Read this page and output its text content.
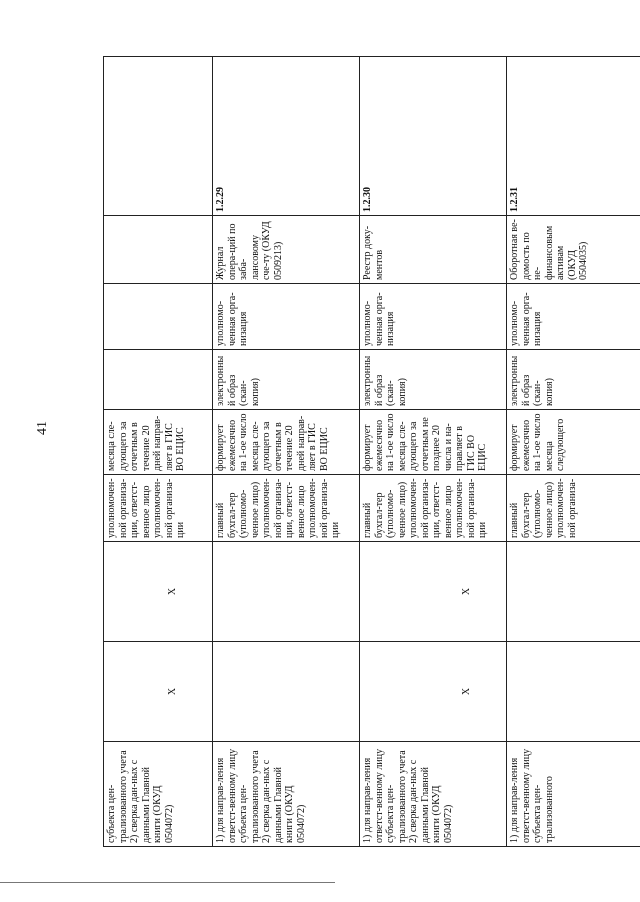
41
субъекта цен-трализованного учета 2) сверка дан-ных с данными Главной книги (ОКУД 0504072)			уполномочен-ной организа-ции, ответст-венное лицо уполномочен-ной организа-ции	месяца сле-дующего за отчетным в течение 20 дней направ-ляет в ГИС ВО ЕЦИС				
1) для направ-ления ответст-венному лицу субъекта цен-трализованного учета 2) сверка дан-ных с данными Главной книги (ОКУД 0504072)	X	X	главный бухгал-тер (уполномо-ченное лицо) уполномочен-ной организа-ции, ответст-венное лицо уполномочен-ной организа-ции	формирует ежемесячно на 1-ое число месяца сле-дующего за отчетным в течение 20 дней направ-ляет в ГИС ВО ЕЦИС	электронный образ (скан-копия)	уполномо-ченная орга-низация	Журнал опера-ций по заба-лансовому сче-ту (ОКУД 0509213)	1.2.29
1) для направ-ления ответст-венному лицу субъекта цен-трализованного учета 2) сверка дан-ных с данными Главной книги (ОКУД 0504072)			главный бухгал-тер (уполномо-ченное лицо) уполномочен-ной организа-ции, ответст-венное лицо уполномочен-ной организа-ции	формирует ежемесячно на 1-ое число месяца сле-дующего за отчетным не позднее 20 числа и на-правляет в ГИС ВО ЕЦИС	электронный образ (скан-копия)	уполномо-ченная орга-низация	Реестр доку-ментов	1.2.30
1) для направ-ления ответст-венному лицу субъекта цен-трализованного	X	X	главный бухгал-тер (уполномо-ченное лицо) уполномочен-ной организа-	формирует ежемесячно на 1-ое число месяца следующего	электронный образ (скан-копия)	уполномо-ченная орга-низация	Оборотная ве-домость по не-финансовым активам (ОКУД 0504035)	1.2.31
